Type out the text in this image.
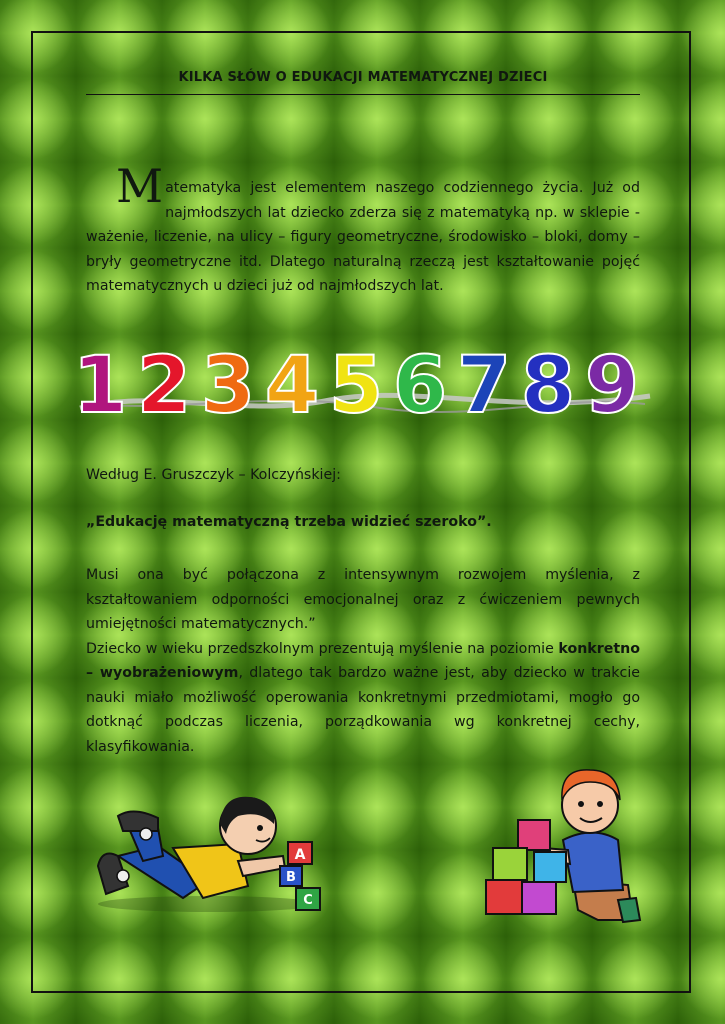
KILKA SŁÓW O EDUKACJI MATEMATYCZNEJ DZIECI
Matematyka jest elementem naszego codziennego życia. Już od najmłodszych lat dziecko zderza się z matematyką np. w sklepie - ważenie, liczenie, na ulicy – figury geometryczne, środowisko – bloki, domy – bryły geometryczne itd. Dlatego naturalną rzeczą jest kształtowanie pojęć matematycznych u dzieci już od najmłodszych lat.
1 2 3 4 5 6 7 8 9
Według E. Gruszczyk – Kolczyńskiej:
„Edukację matematyczną trzeba widzieć szeroko”.
Musi ona być połączona z intensywnym rozwojem myślenia, z kształtowaniem odporności emocjonalnej oraz z ćwiczeniem pewnych umiejętności matematycznych.”
Dziecko w wieku przedszkolnym prezentują myślenie na poziomie konkretno – wyobrażeniowym, dlatego tak bardzo ważne jest, aby dziecko w trakcie nauki miało możliwość operowania konkretnymi przedmiotami, mogło go dotknąć podczas liczenia, porządkowania wg konkretnej cechy, klasyfikowania.
A
B
C
